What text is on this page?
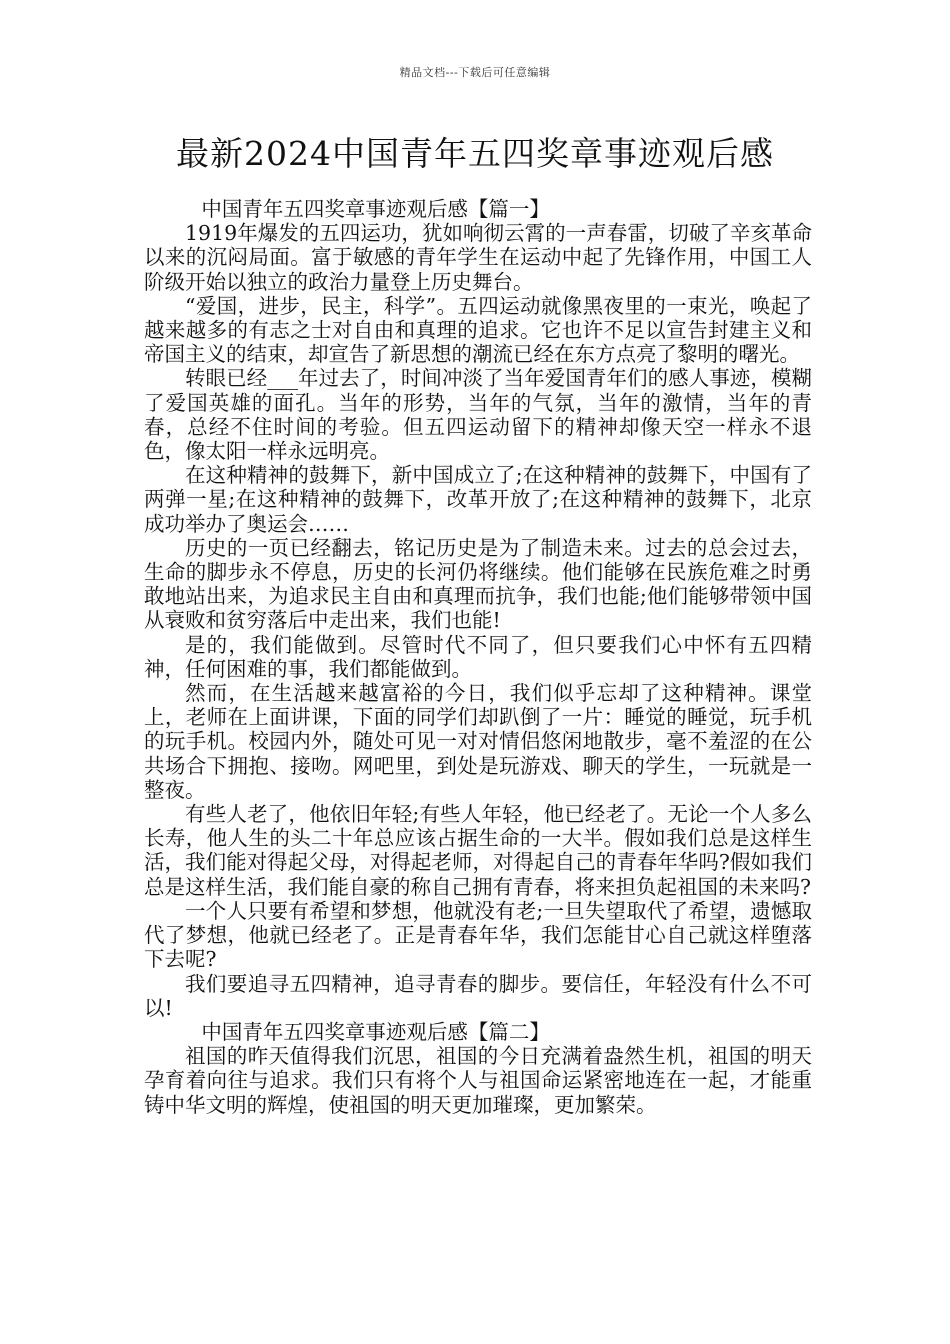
精品文档---下载后可任意编辑
最新2024中国青年五四奖章事迹观后感

中国青年五四奖章事迹观后感【篇一】

1919年爆发的五四运功，犹如响彻云霄的一声春雷，切破了辛亥革命以来的沉闷局面。富于敏感的青年学生在运动中起了先锋作用，中国工人阶级开始以独立的政治力量登上历史舞台。

“爱国，进步，民主，科学”。五四运动就像黑夜里的一束光，唤起了越来越多的有志之士对自由和真理的追求。它也许不足以宣告封建主义和帝国主义的结束，却宣告了新思想的潮流已经在东方点亮了黎明的曙光。

转眼已经___年过去了，时间冲淡了当年爱国青年们的感人事迹，模糊了爱国英雄的面孔。当年的形势，当年的气氛，当年的激情，当年的青春，总经不住时间的考验。但五四运动留下的精神却像天空一样永不退色，像太阳一样永远明亮。

在这种精神的鼓舞下，新中国成立了;在这种精神的鼓舞下，中国有了两弹一星;在这种精神的鼓舞下，改革开放了;在这种精神的鼓舞下，北京成功举办了奥运会……

历史的一页已经翻去，铭记历史是为了制造未来。过去的总会过去，生命的脚步永不停息，历史的长河仍将继续。他们能够在民族危难之时勇敢地站出来，为追求民主自由和真理而抗争，我们也能;他们能够带领中国从衰败和贫穷落后中走出来，我们也能!

是的，我们能做到。尽管时代不同了，但只要我们心中怀有五四精神，任何困难的事，我们都能做到。

然而，在生活越来越富裕的今日，我们似乎忘却了这种精神。课堂上，老师在上面讲课，下面的同学们却趴倒了一片：睡觉的睡觉，玩手机的玩手机。校园内外，随处可见一对对情侣悠闲地散步，毫不羞涩的在公共场合下拥抱、接吻。网吧里，到处是玩游戏、聊天的学生，一玩就是一整夜。

有些人老了，他依旧年轻;有些人年轻，他已经老了。无论一个人多么长寿，他人生的头二十年总应该占据生命的一大半。假如我们总是这样生活，我们能对得起父母，对得起老师，对得起自己的青春年华吗?假如我们总是这样生活，我们能自豪的称自己拥有青春，将来担负起祖国的未来吗?

一个人只要有希望和梦想，他就没有老;一旦失望取代了希望，遗憾取代了梦想，他就已经老了。正是青春年华，我们怎能甘心自己就这样堕落下去呢?

我们要追寻五四精神，追寻青春的脚步。要信任，年轻没有什么不可以!

中国青年五四奖章事迹观后感【篇二】

祖国的昨天值得我们沉思，祖国的今日充满着盎然生机，祖国的明天孕育着向往与追求。我们只有将个人与祖国命运紧密地连在一起，才能重铸中华文明的辉煌，使祖国的明天更加璀璨，更加繁荣。
